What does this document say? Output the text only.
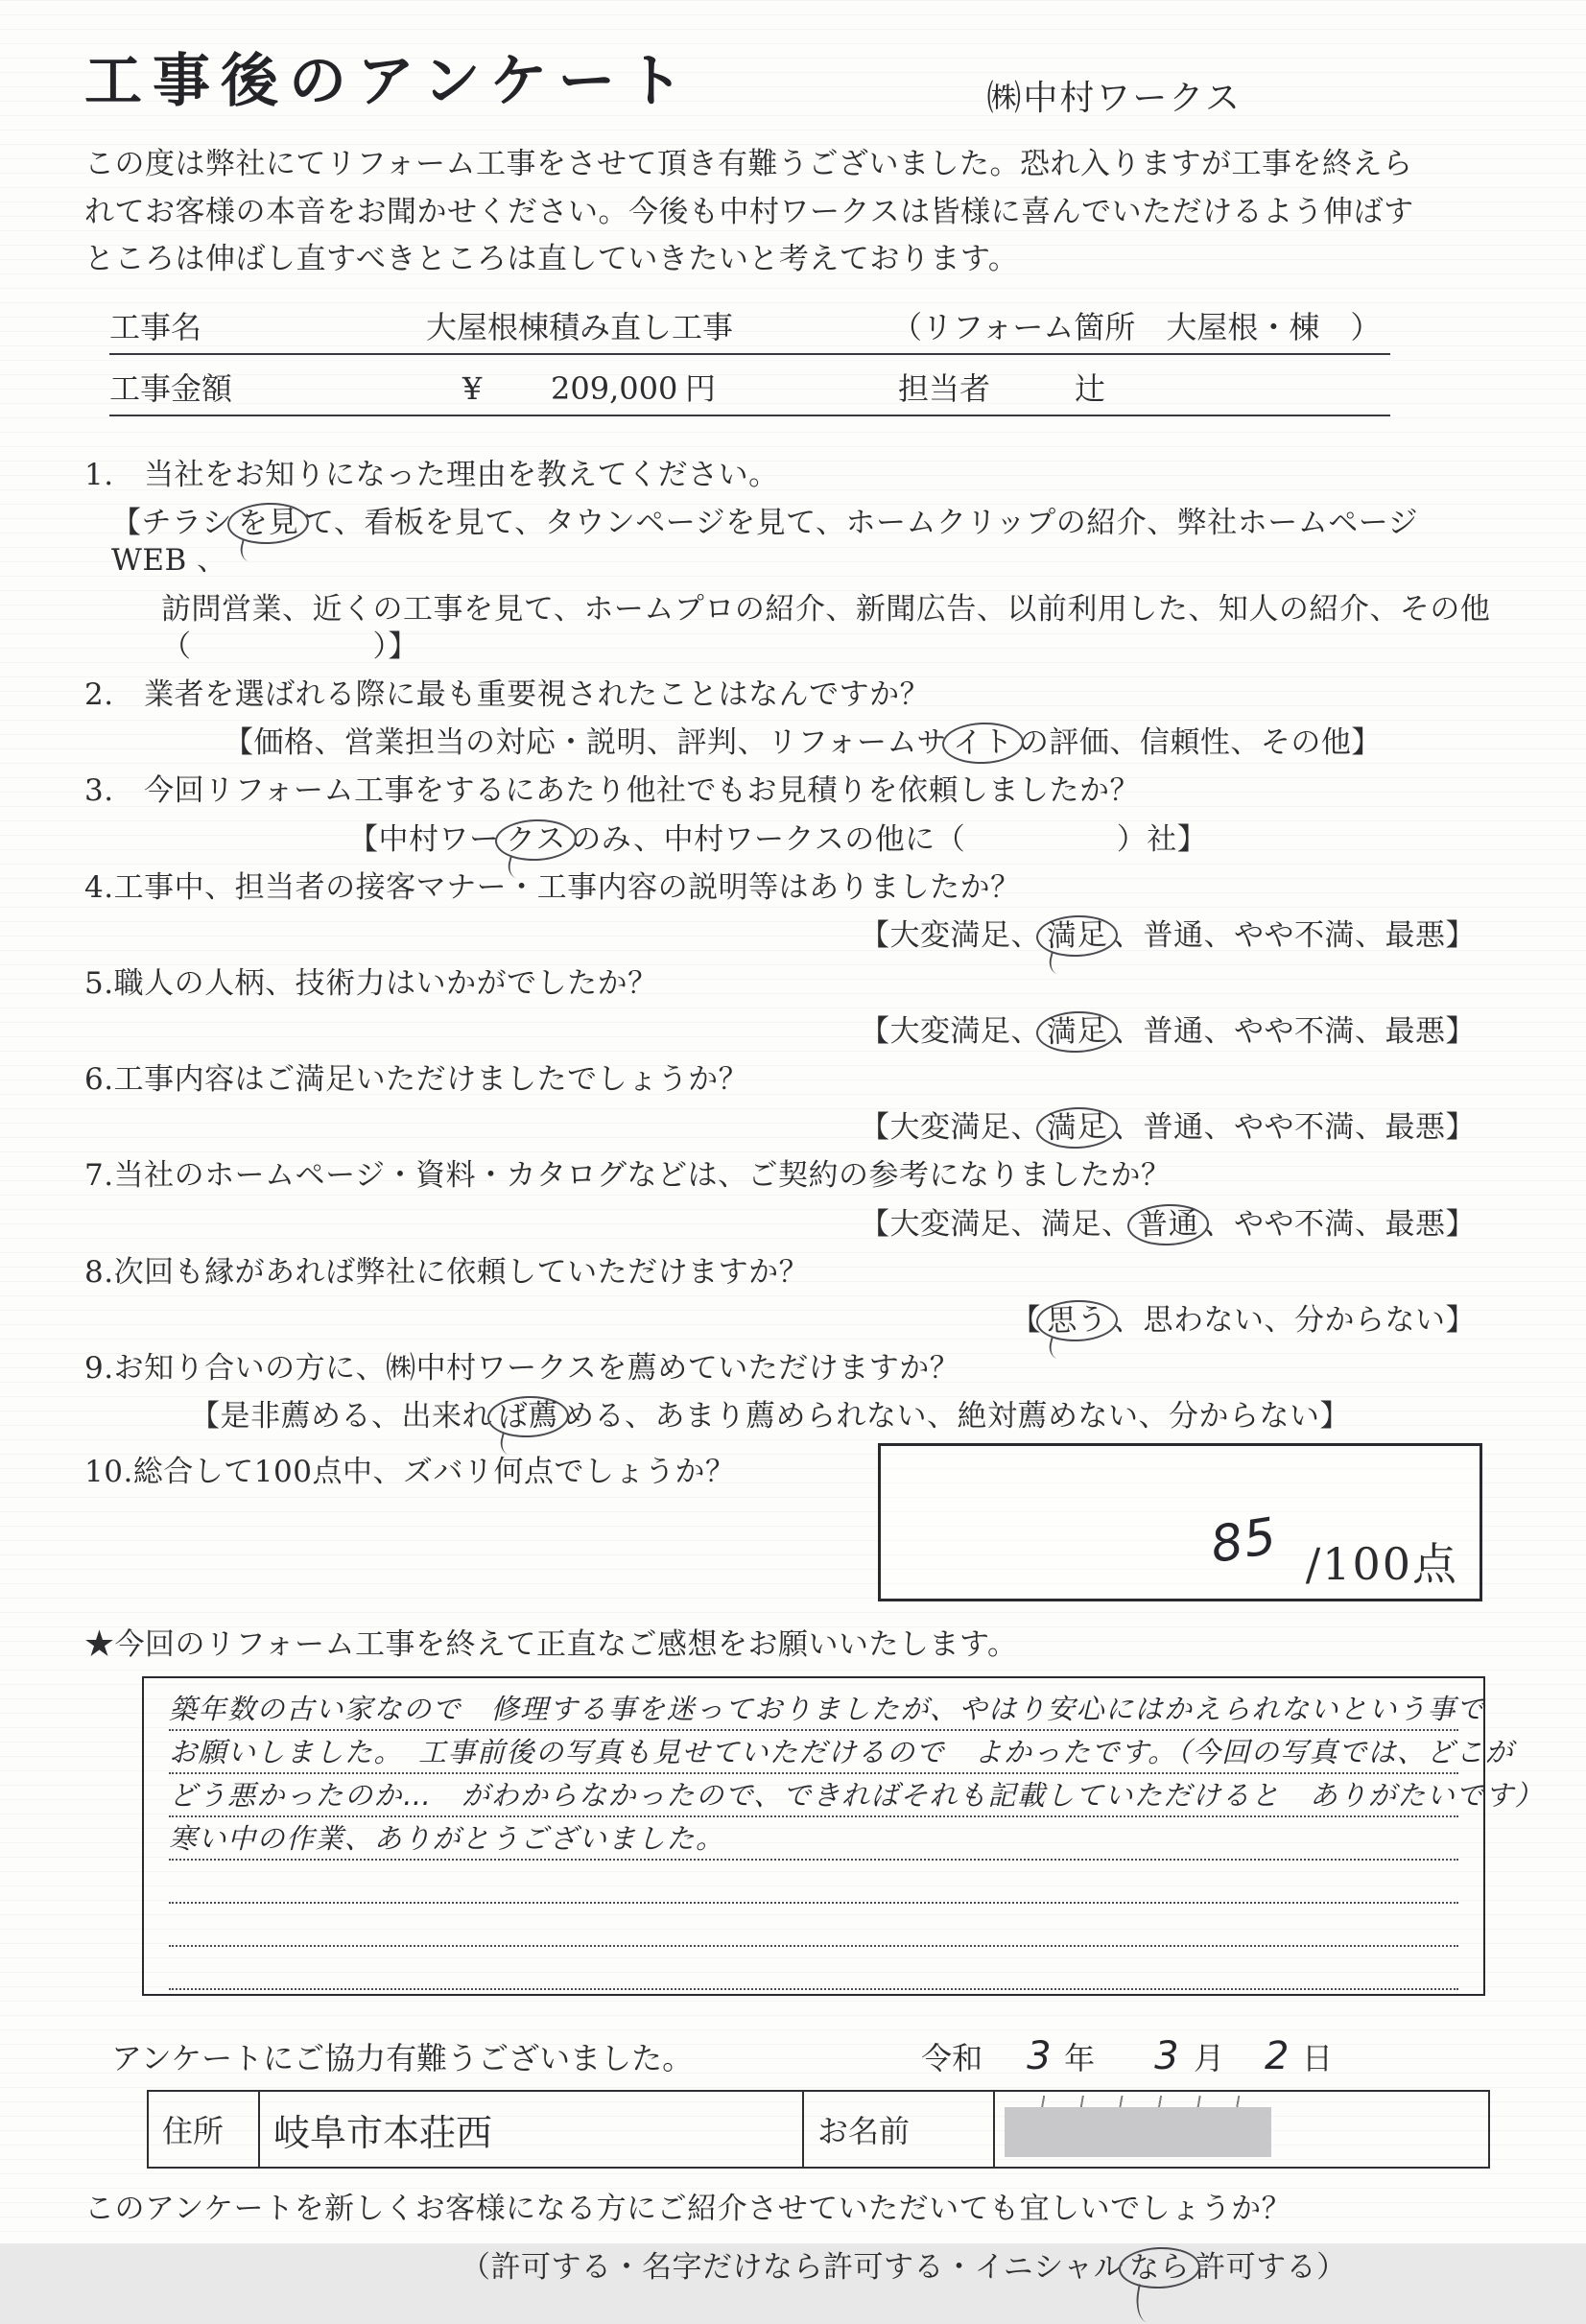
工事後のアンケート	㈱中村ワークス

この度は弊社にてリフォーム工事をさせて頂き有難うございました。恐れ入りますが工事を終えられてお客様の本音をお聞かせください。今後も中村ワークスは皆様に喜んでいただけるよう伸ばすところは伸ばし直すべきところは直していきたいと考えております。

工事名	大屋根棟積み直し工事	（リフォーム箇所　大屋根・棟　）
工事金額	¥	209,000 円	担当者	辻
1.　当社をお知りになった理由を教えてください。
【チラシ を見 て、看板を見て、タウンページを見て、ホームクリップの紹介、弊社ホームページ　WEB 、
訪問営業、近くの工事を見て、ホームプロの紹介、新聞広告、以前利用した、知人の紹介、その他（　　　　　　）】
2.　業者を選ばれる際に最も重要視されたことはなんですか？
【価格、営業担当の対応・説明、評判、リフォームサ イト の評価、信頼性、その他】
3.　今回リフォーム工事をするにあたり他社でもお見積りを依頼しましたか？
【中村ワー クス のみ、中村ワークスの他に（　　　　　）社】
4.工事中、担当者の接客マナー・工事内容の説明等はありましたか？
【大変満足、 満足 、普通、やや不満、最悪】
5.職人の人柄、技術力はいかがでしたか？
【大変満足、 満足 、普通、やや不満、最悪】
6.工事内容はご満足いただけましたでしょうか？
【大変満足、 満足 、普通、やや不満、最悪】
7.当社のホームページ・資料・カタログなどは、ご契約の参考になりましたか？
【大変満足、満足、 普通 、やや不満、最悪】
8.次回も縁があれば弊社に依頼していただけますか？
【 思う 、思わない、分からない】
9.お知り合いの方に、㈱中村ワークスを薦めていただけますか？
【是非薦める、出来れ ば薦 める、あまり薦められない、絶対薦めない、分からない】
10.総合して100点中、ズバリ何点でしょうか？
85 /100点
★今回のリフォーム工事を終えて正直なご感想をお願いいたします。
築年数の古い家なので　修理する事を迷っておりましたが、やはり安心にはかえられないという事で
お願いしました。　工事前後の写真も見せていただけるので　よかったです。（今回の写真では、どこが
どう悪かったのか…　がわからなかったので、できればそれも記載していただけると　ありがたいです）
寒い中の作業、ありがとうございました。
アンケートにご協力有難うございました。	令和 3 年 3 月 2 日
住所	岐阜市本荘西	お名前
このアンケートを新しくお客様になる方にご紹介させていただいても宜しいでしょうか？
（許可する・名字だけなら許可する・イニシャル なら 許可する）
